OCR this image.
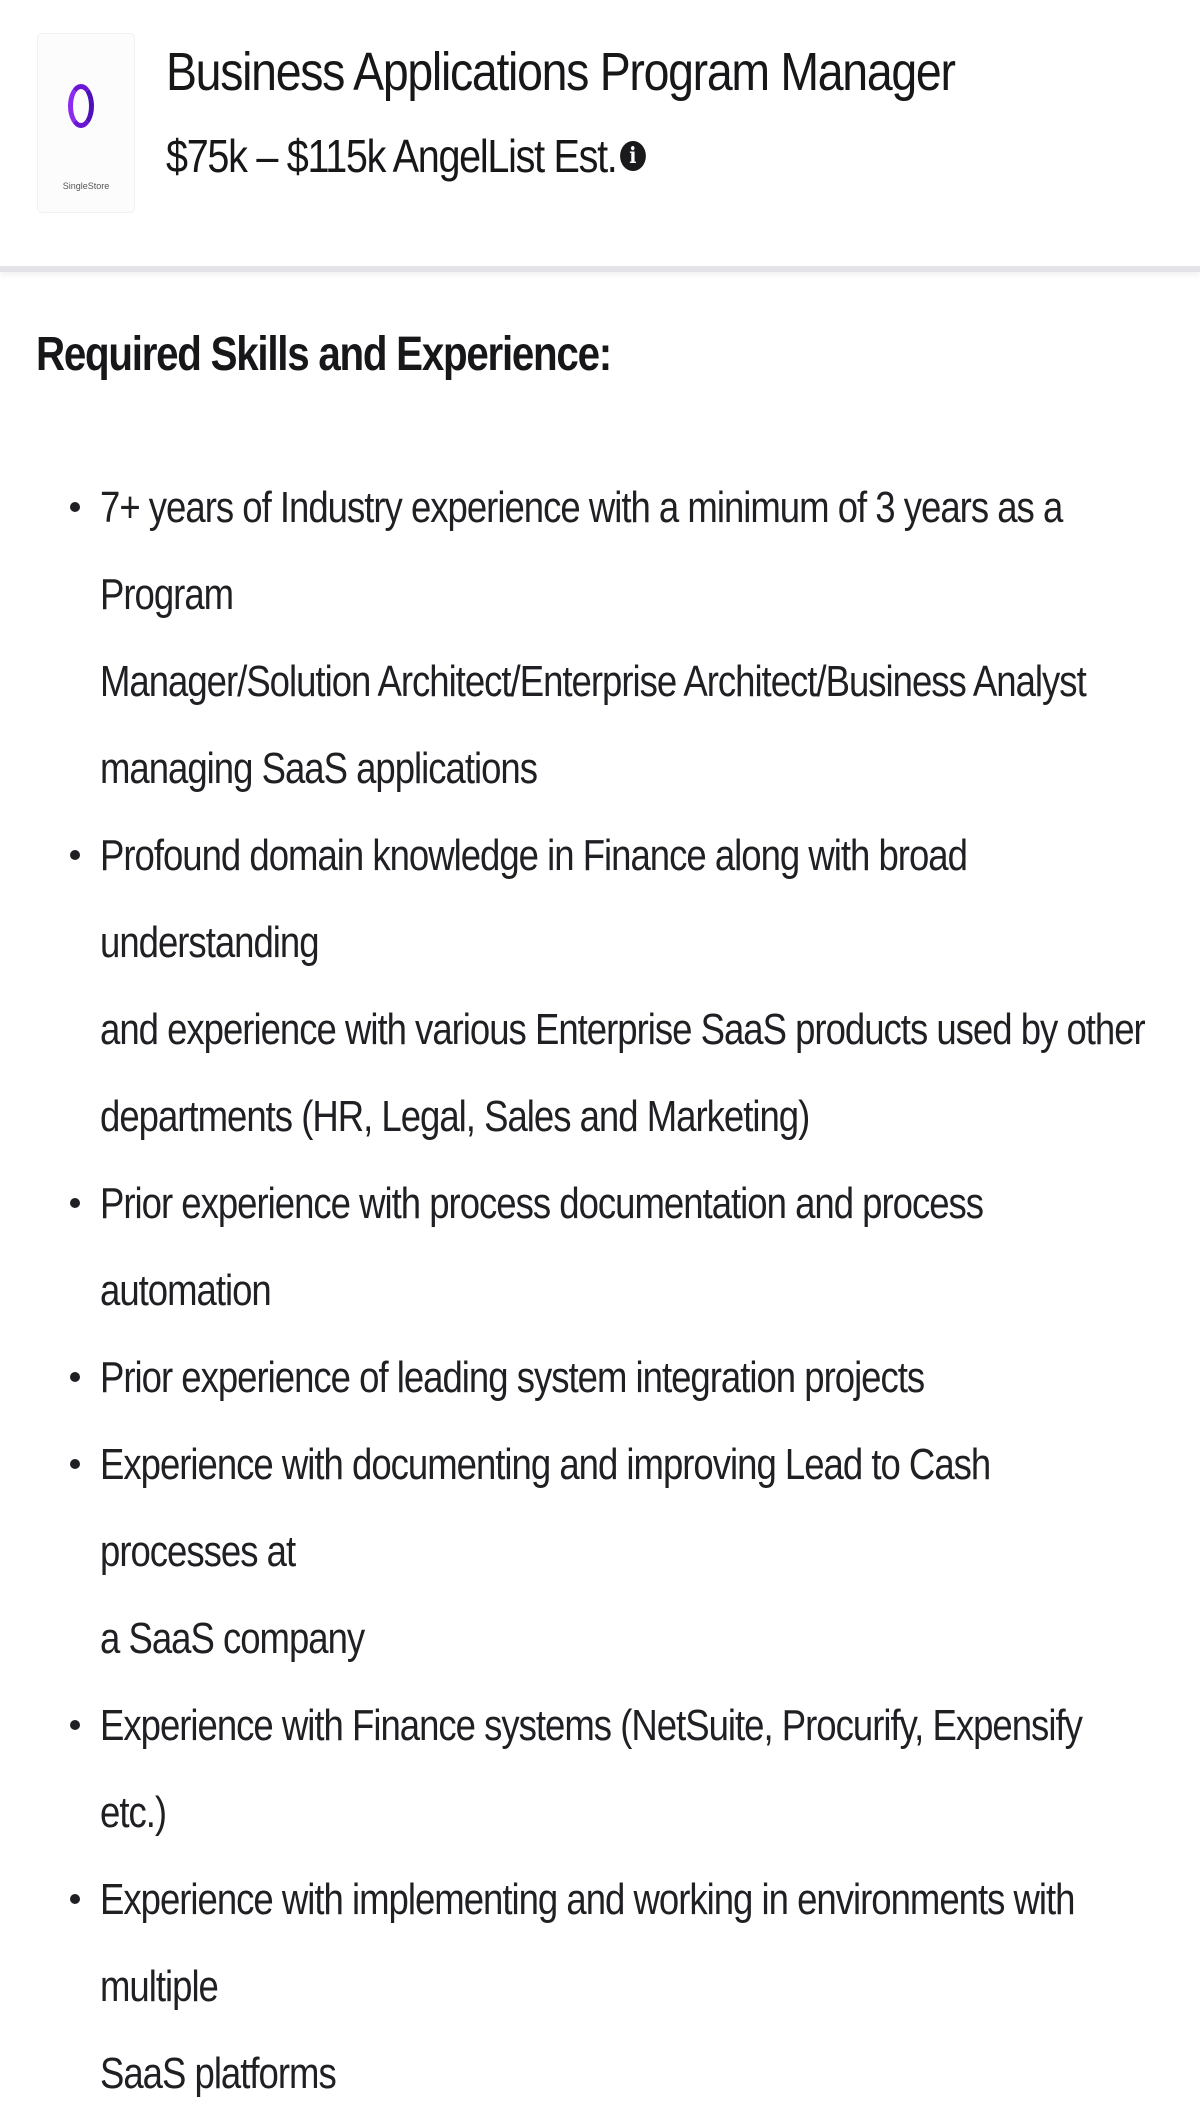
SingleStore
Business Applications Program Manager
$75k – $115k AngelList Est. i
Required Skills and Experience:
7+ years of Industry experience with a minimum of 3 years as a Program
Manager/Solution Architect/Enterprise Architect/Business Analyst
managing SaaS applications
Profound domain knowledge in Finance along with broad understanding
and experience with various Enterprise SaaS products used by other
departments (HR, Legal, Sales and Marketing)
Prior experience with process documentation and process automation
Prior experience of leading system integration projects
Experience with documenting and improving Lead to Cash processes at
a SaaS company
Experience with Finance systems (NetSuite, Procurify, Expensify etc.)
Experience with implementing and working in environments with multiple
SaaS platforms
